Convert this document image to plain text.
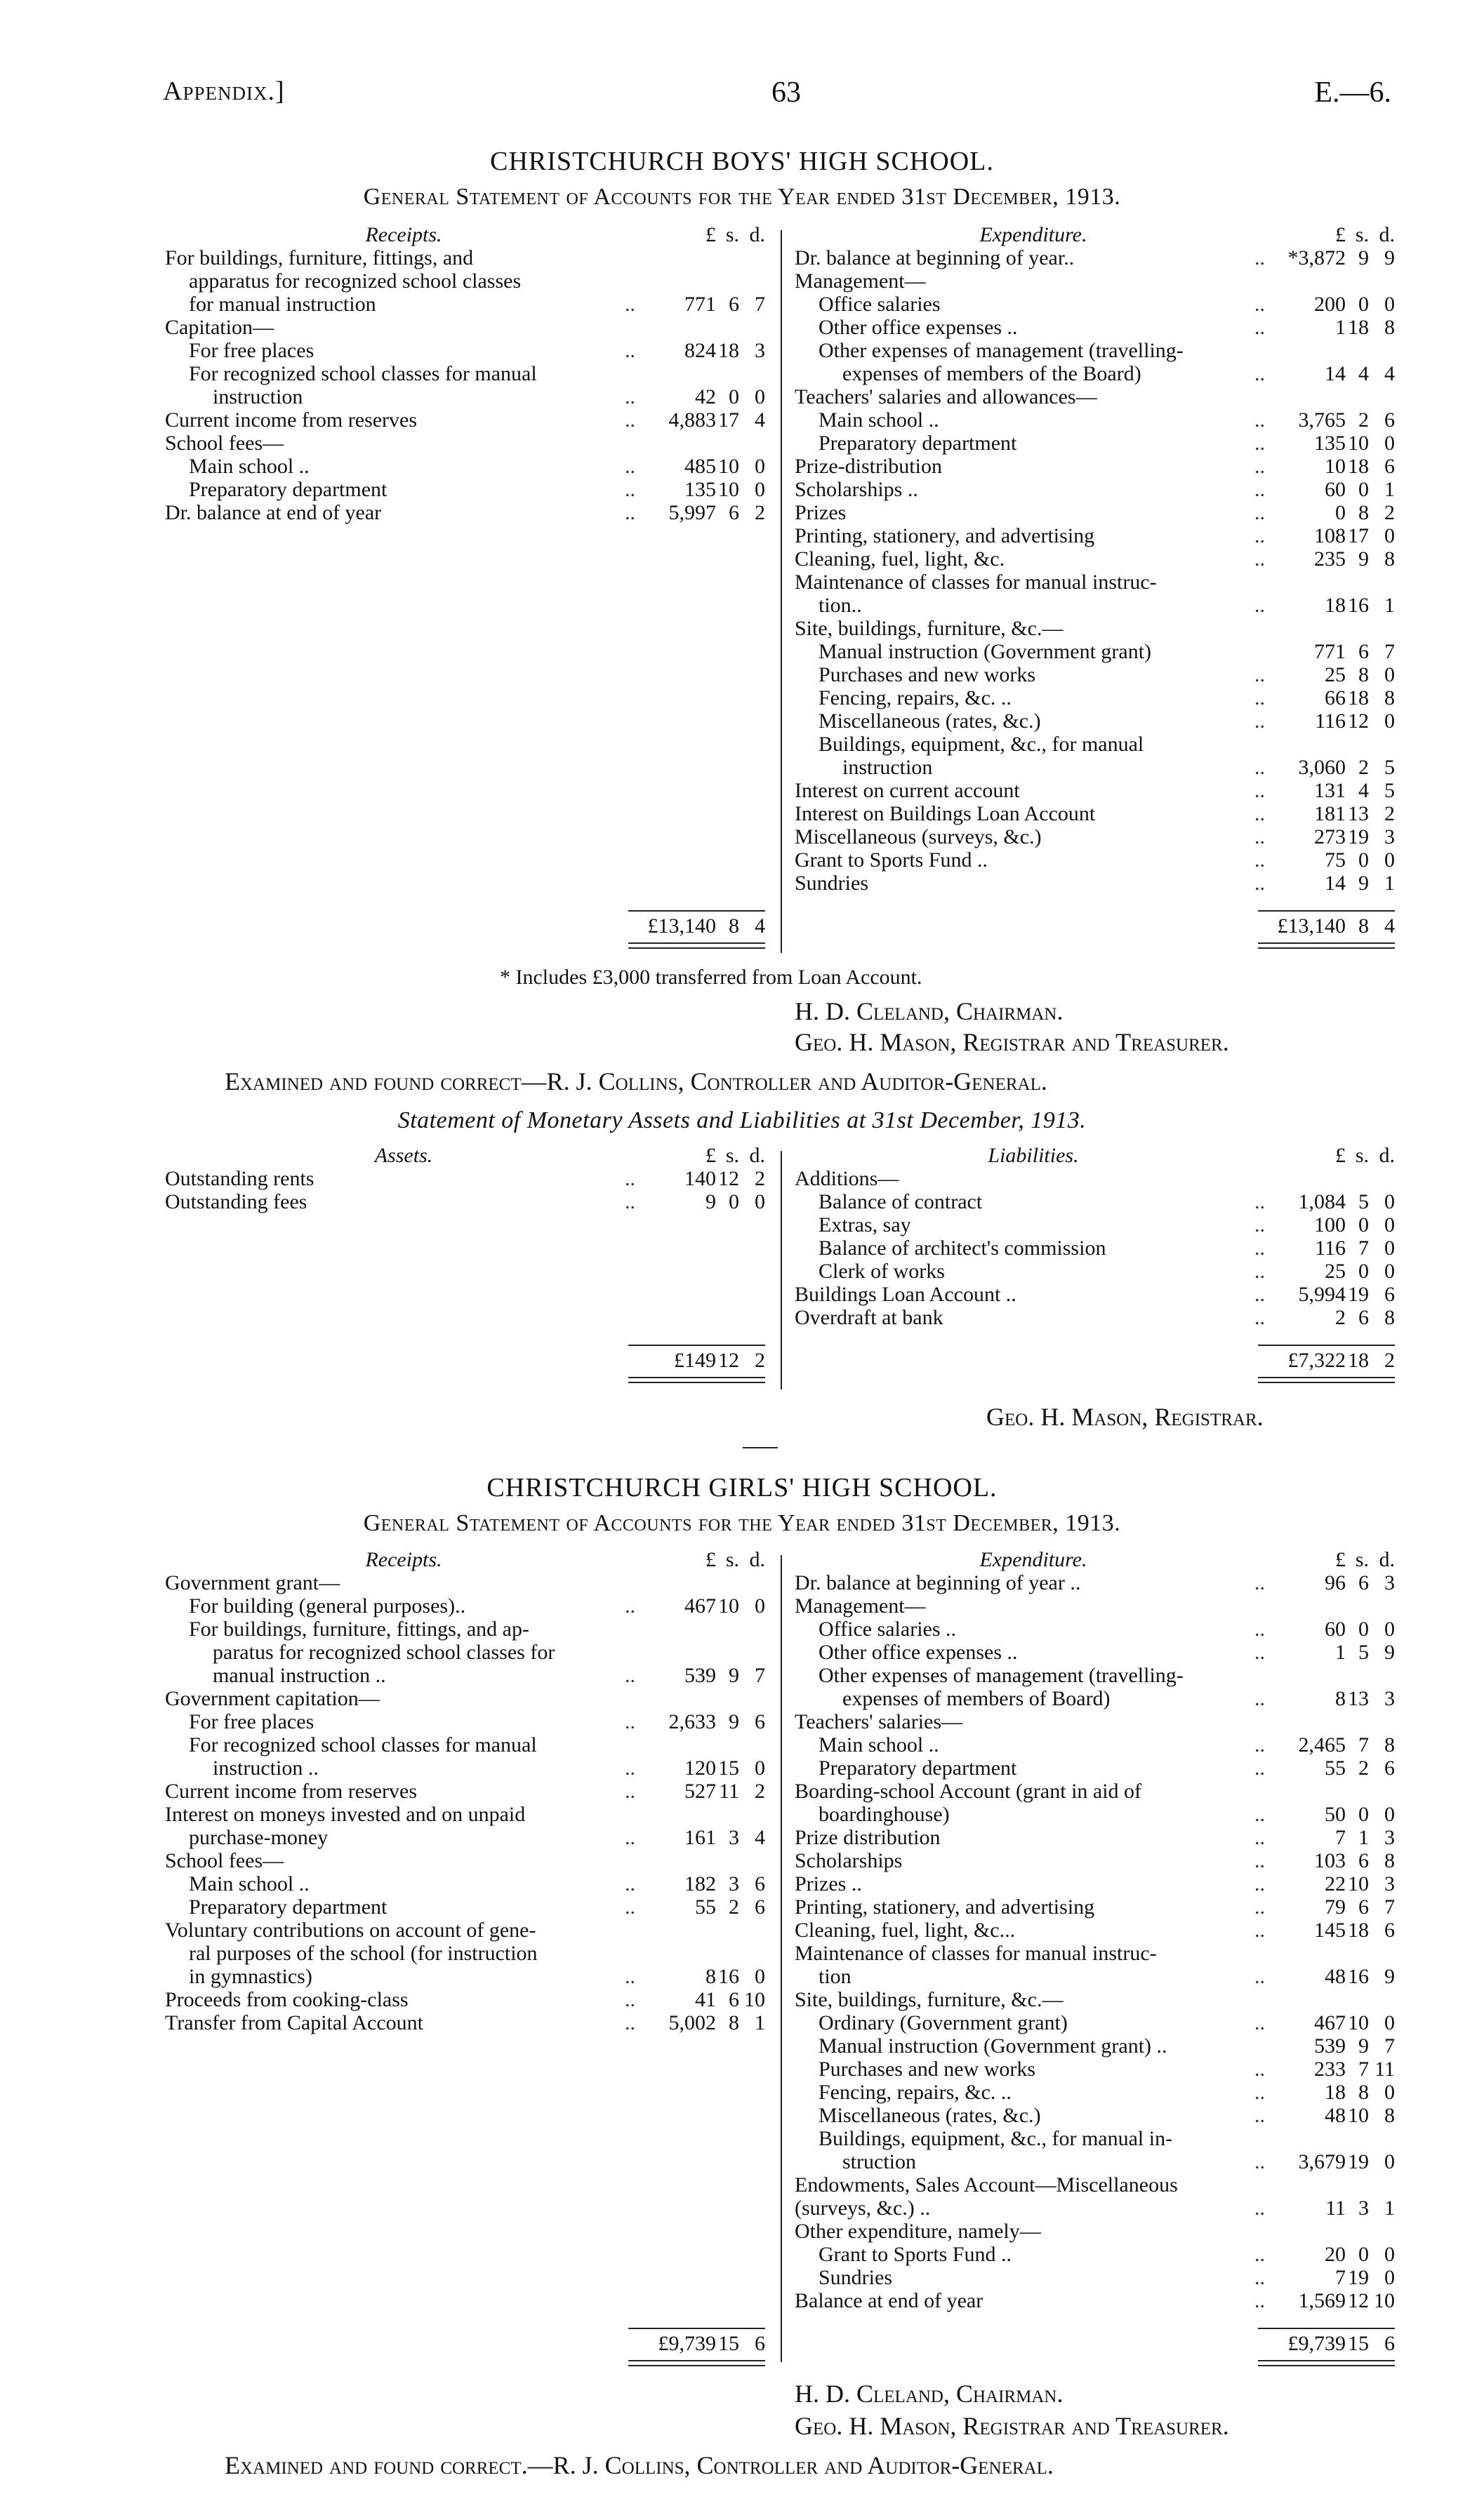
Appendix.]	63	E.—6.
CHRISTCHURCH BOYS' HIGH SCHOOL.
General Statement of Accounts for the Year ended 31st December, 1913.
Receipts.	£ s. d.
For buildings, furniture, fittings, and
apparatus for recognized school classes
for manual instruction	..	771 6 7
Capitation—
For free places	..	824 18 3
For recognized school classes for manual
instruction	..	42 0 0
Current income from reserves	..	4,883 17 4
School fees—
Main school ..	..	485 10 0
Preparatory department	..	135 10 0
Dr. balance at end of year	..	5,997 6 2
£13,140 8 4
Expenditure.	£ s. d.
Dr. balance at beginning of year..	..	*3,872 9 9
Management—
Office salaries	..	200 0 0
Other office expenses ..	..	1 18 8
Other expenses of management (travelling-
expenses of members of the Board)	..	14 4 4
Teachers' salaries and allowances—
Main school ..	..	3,765 2 6
Preparatory department	..	135 10 0
Prize-distribution	..	10 18 6
Scholarships ..	..	60 0 1
Prizes	..	0 8 2
Printing, stationery, and advertising	..	108 17 0
Cleaning, fuel, light, &c.	..	235 9 8
Maintenance of classes for manual instruc-
tion..	..	18 16 1
Site, buildings, furniture, &c.—
Manual instruction (Government grant)	771 6 7
Purchases and new works	..	25 8 0
Fencing, repairs, &c. ..	..	66 18 8
Miscellaneous (rates, &c.)	..	116 12 0
Buildings, equipment, &c., for manual
instruction	..	3,060 2 5
Interest on current account	..	131 4 5
Interest on Buildings Loan Account	..	181 13 2
Miscellaneous (surveys, &c.)	..	273 19 3
Grant to Sports Fund ..	..	75 0 0
Sundries	..	14 9 1
£13,140 8 4
* Includes £3,000 transferred from Loan Account.
H. D. Cleland, Chairman.
Geo. H. Mason, Registrar and Treasurer.
Examined and found correct—R. J. Collins, Controller and Auditor-General.
Statement of Monetary Assets and Liabilities at 31st December, 1913.
Assets.	£ s. d.
Outstanding rents	..	140 12 2
Outstanding fees	..	9 0 0
£149 12 2
Liabilities.	£ s. d.
Additions—
Balance of contract	..	1,084 5 0
Extras, say	..	100 0 0
Balance of architect's commission	..	116 7 0
Clerk of works	..	25 0 0
Buildings Loan Account ..	..	5,994 19 6
Overdraft at bank	..	2 6 8
£7,322 18 2
Geo. H. Mason, Registrar.
CHRISTCHURCH GIRLS' HIGH SCHOOL.
General Statement of Accounts for the Year ended 31st December, 1913.
Receipts.	£ s. d.
Government grant—
For building (general purposes)..	..	467 10 0
For buildings, furniture, fittings, and ap-
paratus for recognized school classes for
manual instruction ..	..	539 9 7
Government capitation—
For free places	..	2,633 9 6
For recognized school classes for manual
instruction ..	..	120 15 0
Current income from reserves	..	527 11 2
Interest on moneys invested and on unpaid
purchase-money	..	161 3 4
School fees—
Main school ..	..	182 3 6
Preparatory department	..	55 2 6
Voluntary contributions on account of gene-
ral purposes of the school (for instruction
in gymnastics)	..	8 16 0
Proceeds from cooking-class	..	41 6 10
Transfer from Capital Account	..	5,002 8 1
£9,739 15 6
Expenditure.	£ s. d.
Dr. balance at beginning of year ..	..	96 6 3
Management—
Office salaries ..	..	60 0 0
Other office expenses ..	..	1 5 9
Other expenses of management (travelling-
expenses of members of Board)	..	8 13 3
Teachers' salaries—
Main school ..	..	2,465 7 8
Preparatory department	..	55 2 6
Boarding-school Account (grant in aid of
boardinghouse)	..	50 0 0
Prize distribution	..	7 1 3
Scholarships	..	103 6 8
Prizes ..	..	22 10 3
Printing, stationery, and advertising	..	79 6 7
Cleaning, fuel, light, &c...	..	145 18 6
Maintenance of classes for manual instruc-
tion	..	48 16 9
Site, buildings, furniture, &c.—
Ordinary (Government grant)	..	467 10 0
Manual instruction (Government grant) ..	539 9 7
Purchases and new works	..	233 7 11
Fencing, repairs, &c. ..	..	18 8 0
Miscellaneous (rates, &c.)	..	48 10 8
Buildings, equipment, &c., for manual in-
struction	..	3,679 19 0
Endowments, Sales Account—Miscellaneous
(surveys, &c.) ..	..	11 3 1
Other expenditure, namely—
Grant to Sports Fund ..	..	20 0 0
Sundries	..	7 19 0
Balance at end of year	..	1,569 12 10
£9,739 15 6
H. D. Cleland, Chairman.
Geo. H. Mason, Registrar and Treasurer.
Examined and found correct.—R. J. Collins, Controller and Auditor-General.
